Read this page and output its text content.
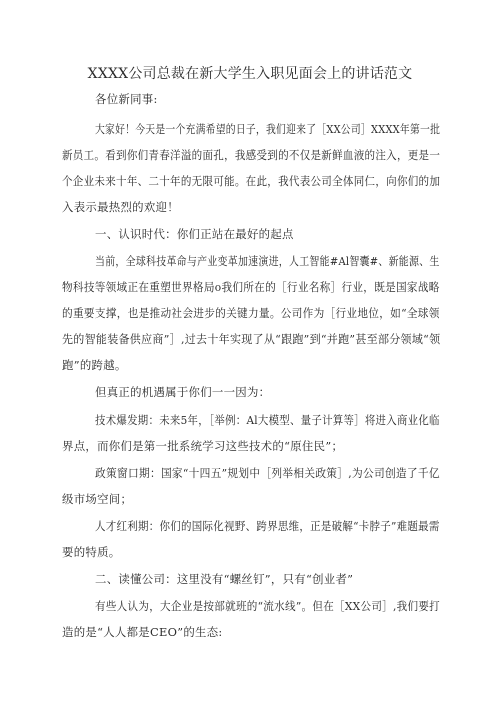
XXXX公司总裁在新大学生入职见面会上的讲话范文
各位新同事:
大家好！今天是一个充满希望的日子，我们迎来了［XX公司］XXXX年第一批
新员工。看到你们青春洋溢的面孔，我感受到的不仅是新鲜血液的注入，更是一
个企业未来十年、二十年的无限可能。在此，我代表公司全体同仁，向你们的加
入表示最热烈的欢迎！
一、认识时代：你们正站在最好的起点
当前，全球科技革命与产业变革加速演进，人工智能#Al智囊#、新能源、生
物科技等领域正在重塑世界格局o我们所在的［行业名称］行业，既是国家战略
的重要支撑，也是推动社会进步的关键力量。公司作为［行业地位，如“全球领
先的智能装备供应商”］,过去十年实现了从“跟跑”到“并跑”甚至部分领域“领
跑”的跨越。
但真正的机遇属于你们一一因为：
技术爆发期：未来5年，［举例：Al大模型、量子计算等］将进入商业化临
界点，而你们是第一批系统学习这些技术的“原住民”；
政策窗口期：国家“十四五”规划中［列举相关政策］,为公司创造了千亿
级市场空间；
人才红利期：你们的国际化视野、跨界思维，正是破解“卡脖子”难题最需
要的特质。
二、读懂公司：这里没有“螺丝钉”，只有“创业者”
有些人认为，大企业是按部就班的“流水线”。但在［XX公司］,我们要打
造的是“人人都是CEO”的生态:
